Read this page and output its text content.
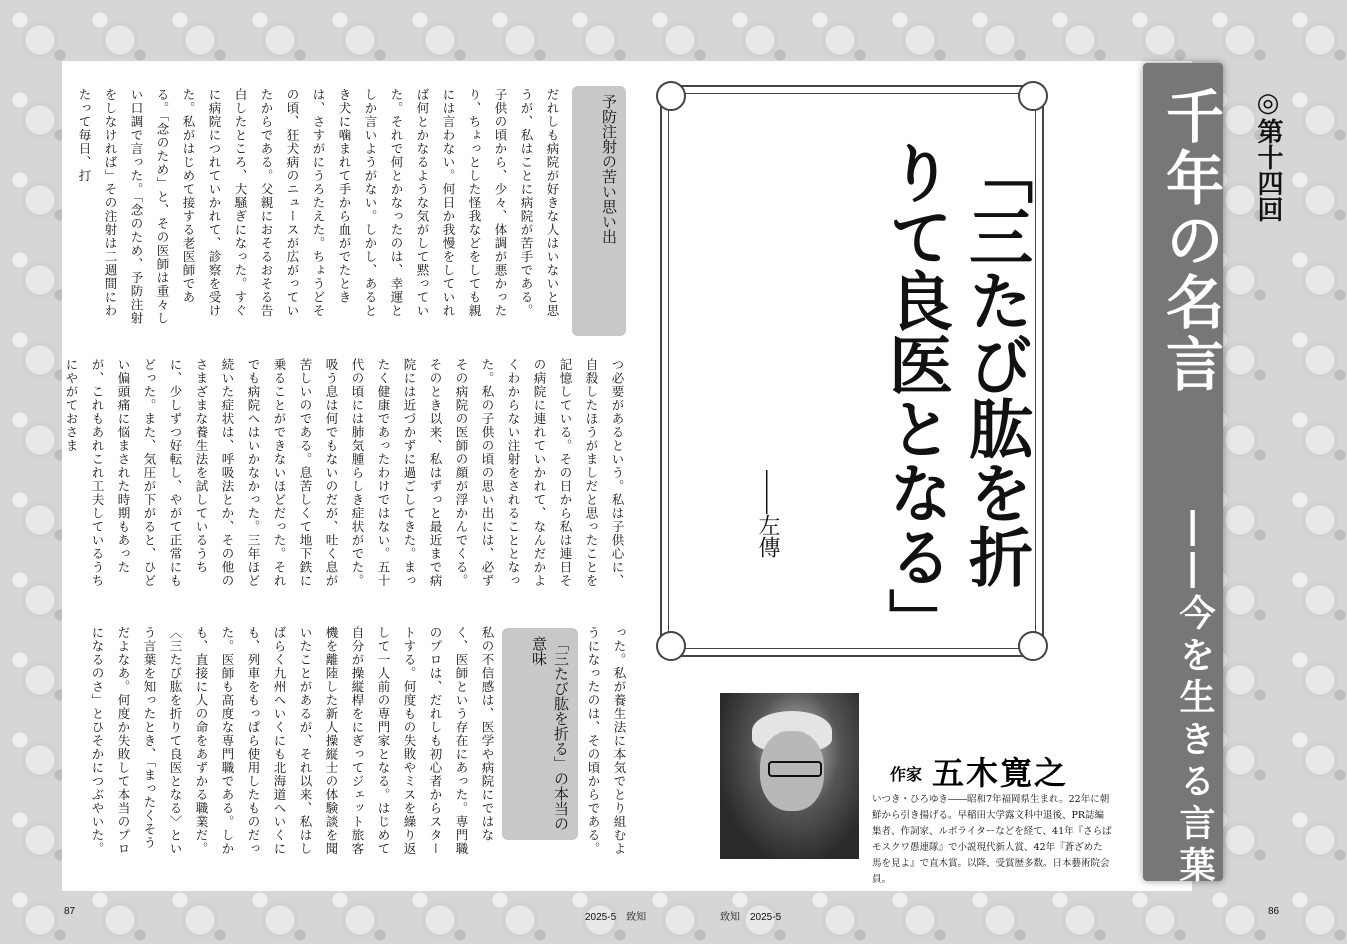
だれしも病院が好きな人はいないと思うが、私はことに病院が苦手である。子供の頃から、少々、体調が悪かったり、ちょっとした怪我などをしても親には言わない。何日か我慢をしていれば何とかなるような気がして黙っていた。それで何とかなったのは、幸運としか言いようがない。しかし、あるとき犬に噛まれて手から血がでたときは、さすがにうろたえた。ちょうどその頃、狂犬病のニュースが広がっていたからである。父親におそるおそる告白したところ、大騒ぎになった。すぐに病院につれていかれて、診察を受けた。私がはじめて接する老医師である。「念のため」と、その医師は重々しい口調で言った。「念のため、予防注射をしなければ」その注射は二週間にわたって毎日、打	予防注射の苦い思い出

つ必要があるという。私は子供心に、自殺したほうがましだと思ったことを記憶している。その日から私は連日その病院に連れていかれて、なんだかよくわからない注射をされることとなった。私の子供の頃の思い出には、必ずその病院の医師の顔が浮かんでくる。そのとき以来、私はずっと最近まで病院には近づかずに過ごしてきた。まったく健康であったわけではない。五十代の頃には肺気腫らしき症状がでた。吸う息は何でもないのだが、吐く息が苦しいのである。息苦しくて地下鉄に乗ることができないほどだった。それでも病院へはいかなかった。三年ほど続いた症状は、呼吸法とか、その他のさまざまな養生法を試しているうちに、少しずつ好転し、やがて正常にもどった。また、気圧が下がると、ひどい偏頭痛に悩まされた時期もあったが、これもあれこれ工夫しているうちにやがておさま

私の不信感は、医学や病院にではなく、医師という存在にあった。専門職のプロは、だれしも初心者からスタートする。何度もの失敗やミスを繰り返して一人前の専門家となる。はじめて自分が操縦桿をにぎってジェット旅客機を離陸した新人操縦士の体験談を聞いたことがあるが、それ以来、私はしばらく九州へいくにも北海道へいくにも、列車をもっぱら使用したものだった。医師も高度な専門職である。しかも、直接に人の命をあずかる職業だ。〈三たび肱を折りて良医となる〉という言葉を知ったとき、「まったくそうだよなあ。何度か失敗して本当のプロになるのさ」とひそかにつぶやいた。	「三たび肱を折る」の本当の意味	った。私が養生法に本気でとり組むようになったのは、その頃からである。

「三たび肱を折りて良医となる」
――左傳
作家 五木寛之
いつき・ひろゆき――昭和7年福岡県生まれ。22年に朝鮮から引き揚げる。早稲田大学露文科中退後、PR誌編集者、作詞家、ルポライターなどを経て、41年『さらばモスクワ愚連隊』で小説現代新人賞、42年『蒼ざめた馬を見よ』で直木賞。以降、受賞歴多数。日本藝術院会員。
千年の名言
――今を生きる言葉
◎第十四回
87
2025-5　致知	致知　2025-5
86
